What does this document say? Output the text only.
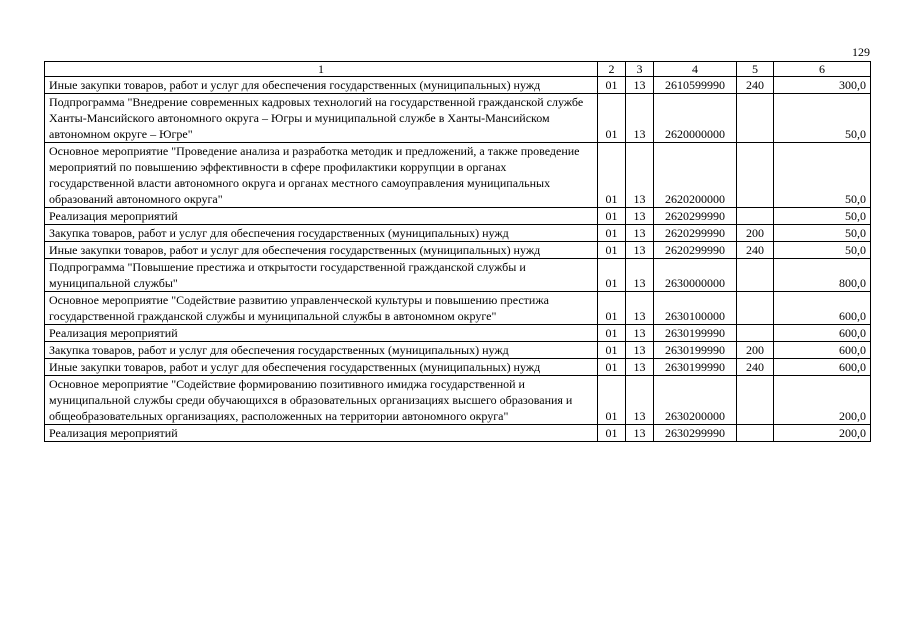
129
1	2	3	4	5	6
Иные закупки товаров, работ и услуг для обеспечения государственных (муниципальных) нужд	01	13	2610599990	240	300,0
Подпрограмма "Внедрение современных кадровых технологий на государственной гражданской службе Ханты-Мансийского автономного округа – Югры и муниципальной службе в Ханты-Мансийском автономном округе – Югре"	01	13	2620000000		50,0
Основное мероприятие "Проведение анализа и разработка методик и предложений, а также проведение мероприятий по повышению эффективности в сфере профилактики коррупции в органах государственной власти автономного округа и органах местного самоуправления муниципальных образований автономного округа"	01	13	2620200000		50,0
Реализация мероприятий	01	13	2620299990		50,0
Закупка товаров, работ и услуг для обеспечения государственных (муниципальных) нужд	01	13	2620299990	200	50,0
Иные закупки товаров, работ и услуг для обеспечения государственных (муниципальных) нужд	01	13	2620299990	240	50,0
Подпрограмма "Повышение престижа и открытости государственной гражданской службы и муниципальной службы"	01	13	2630000000		800,0
Основное мероприятие "Содействие развитию управленческой культуры и повышению престижа государственной гражданской службы и муниципальной службы в автономном округе"	01	13	2630100000		600,0
Реализация мероприятий	01	13	2630199990		600,0
Закупка товаров, работ и услуг для обеспечения государственных (муниципальных) нужд	01	13	2630199990	200	600,0
Иные закупки товаров, работ и услуг для обеспечения государственных (муниципальных) нужд	01	13	2630199990	240	600,0
Основное мероприятие "Содействие формированию позитивного имиджа государственной и муниципальной службы среди обучающихся в образовательных организациях высшего образования и общеобразовательных организациях, расположенных на территории автономного округа"	01	13	2630200000		200,0
Реализация мероприятий	01	13	2630299990		200,0
